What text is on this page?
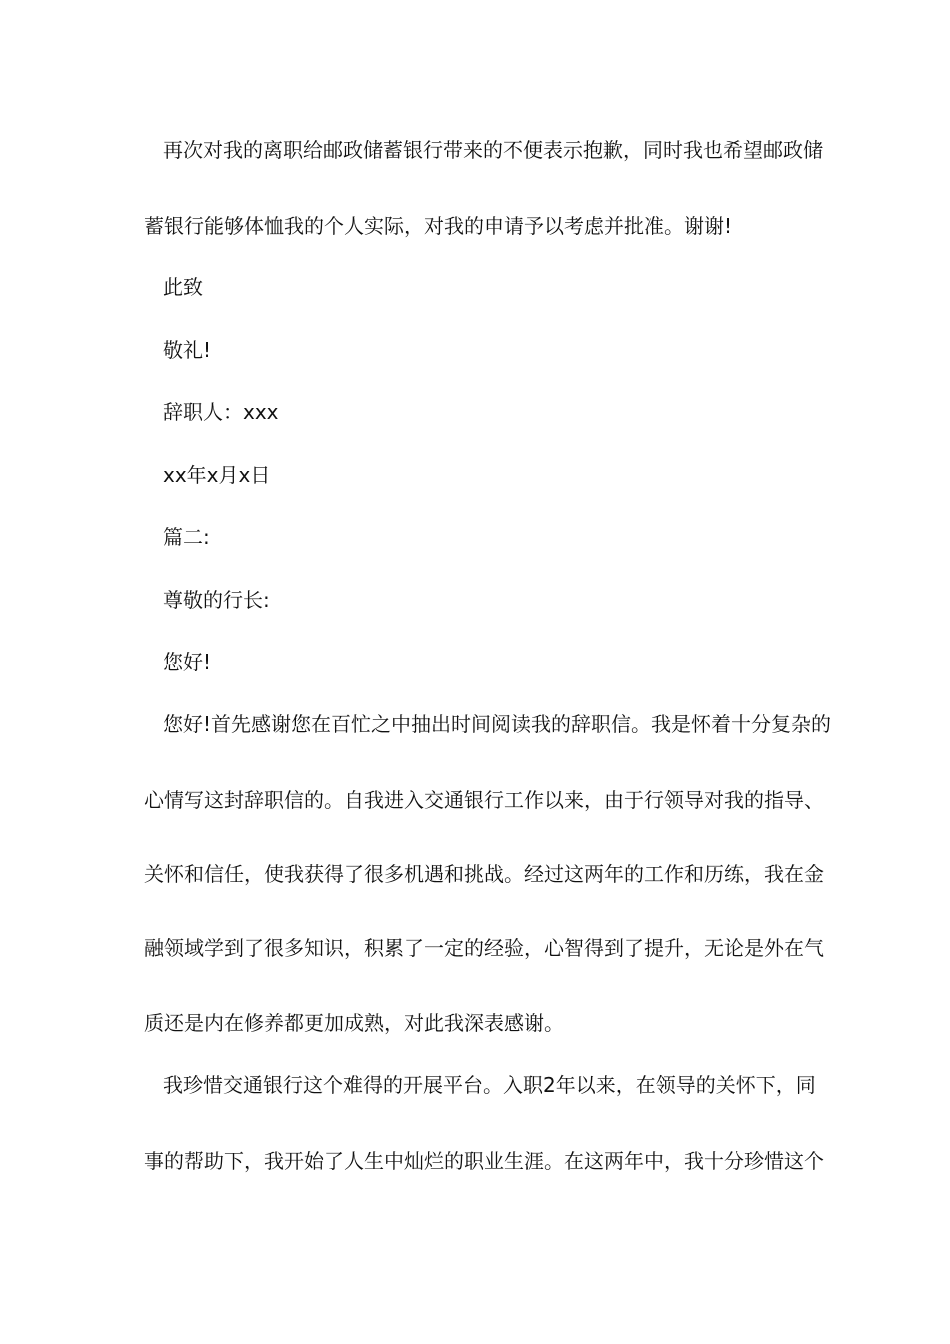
再次对我的离职给邮政储蓄银行带来的不便表示抱歉，同时我也希望邮政储
蓄银行能够体恤我的个人实际，对我的申请予以考虑并批准。谢谢!
此致
敬礼!
辞职人：xxx
xx年x月x日
篇二:
尊敬的行长:
您好!
您好!首先感谢您在百忙之中抽出时间阅读我的辞职信。我是怀着十分复杂的
心情写这封辞职信的。自我进入交通银行工作以来，由于行领导对我的指导、
关怀和信任，使我获得了很多机遇和挑战。经过这两年的工作和历练，我在金
融领域学到了很多知识，积累了一定的经验，心智得到了提升，无论是外在气
质还是内在修养都更加成熟，对此我深表感谢。
我珍惜交通银行这个难得的开展平台。入职2年以来，在领导的关怀下，同
事的帮助下，我开始了人生中灿烂的职业生涯。在这两年中，我十分珍惜这个
